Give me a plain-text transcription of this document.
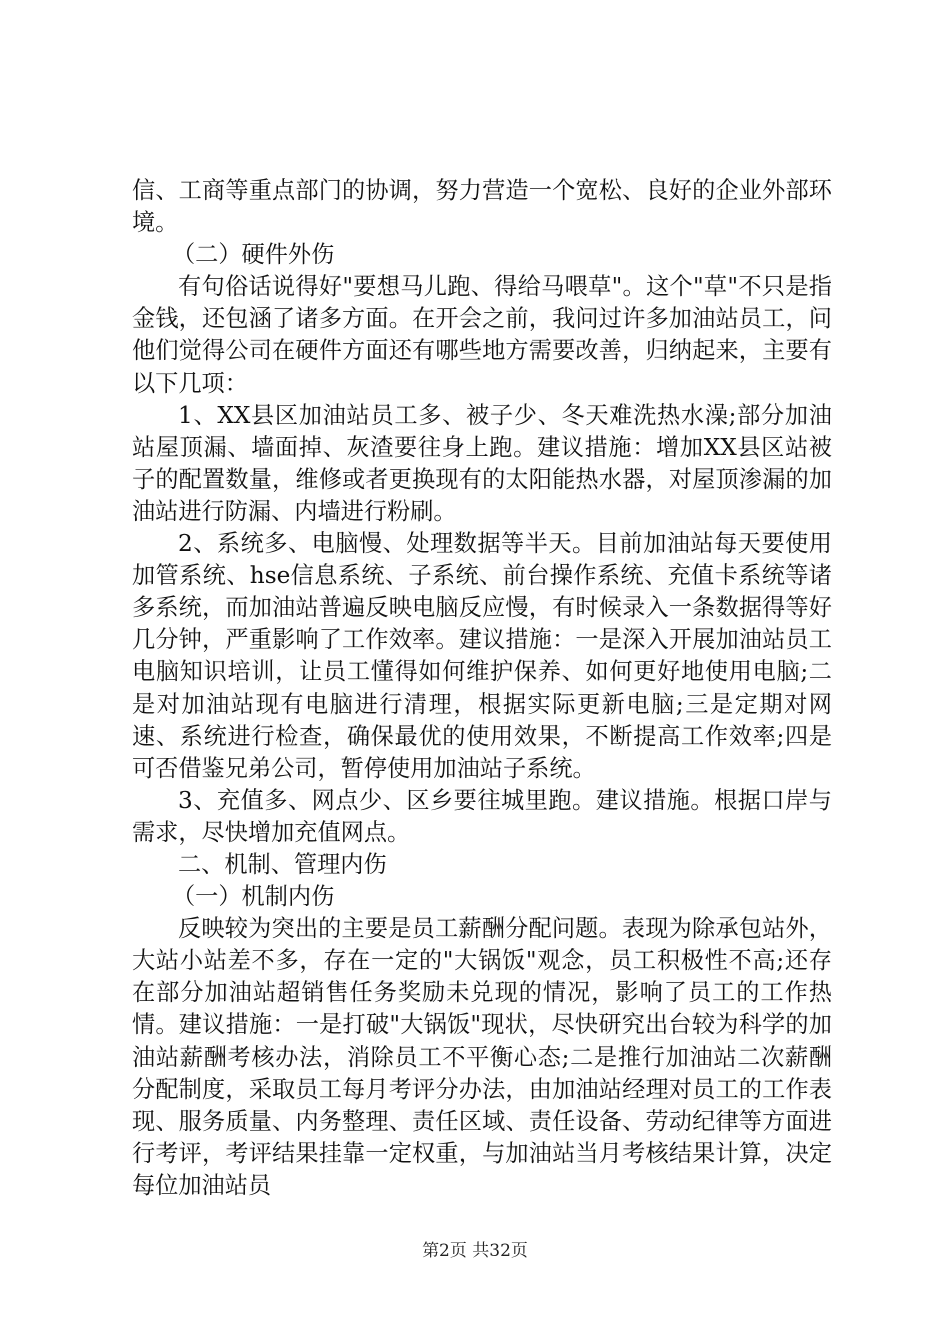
信、工商等重点部门的协调，努力营造一个宽松、良好的企业外部环境。

（二）硬件外伤

有句俗话说得好"要想马儿跑、得给马喂草"。这个"草"不只是指金钱，还包涵了诸多方面。在开会之前，我问过许多加油站员工，问他们觉得公司在硬件方面还有哪些地方需要改善，归纳起来，主要有以下几项：

1、XX县区加油站员工多、被子少、冬天难洗热水澡;部分加油站屋顶漏、墙面掉、灰渣要往身上跑。建议措施：增加XX县区站被子的配置数量，维修或者更换现有的太阳能热水器，对屋顶渗漏的加油站进行防漏、内墙进行粉刷。

2、系统多、电脑慢、处理数据等半天。目前加油站每天要使用加管系统、hse信息系统、子系统、前台操作系统、充值卡系统等诸多系统，而加油站普遍反映电脑反应慢，有时候录入一条数据得等好几分钟，严重影响了工作效率。建议措施：一是深入开展加油站员工电脑知识培训，让员工懂得如何维护保养、如何更好地使用电脑;二是对加油站现有电脑进行清理，根据实际更新电脑;三是定期对网速、系统进行检查，确保最优的使用效果，不断提高工作效率;四是可否借鉴兄弟公司，暂停使用加油站子系统。

3、充值多、网点少、区乡要往城里跑。建议措施。根据口岸与需求，尽快增加充值网点。

二、机制、管理内伤

（一）机制内伤

反映较为突出的主要是员工薪酬分配问题。表现为除承包站外，大站小站差不多，存在一定的"大锅饭"观念，员工积极性不高;还存在部分加油站超销售任务奖励未兑现的情况，影响了员工的工作热情。建议措施：一是打破"大锅饭"现状，尽快研究出台较为科学的加油站薪酬考核办法，消除员工不平衡心态;二是推行加油站二次薪酬分配制度，采取员工每月考评分办法，由加油站经理对员工的工作表现、服务质量、内务整理、责任区域、责任设备、劳动纪律等方面进行考评，考评结果挂靠一定权重，与加油站当月考核结果计算，决定每位加油站员

第2页 共32页
